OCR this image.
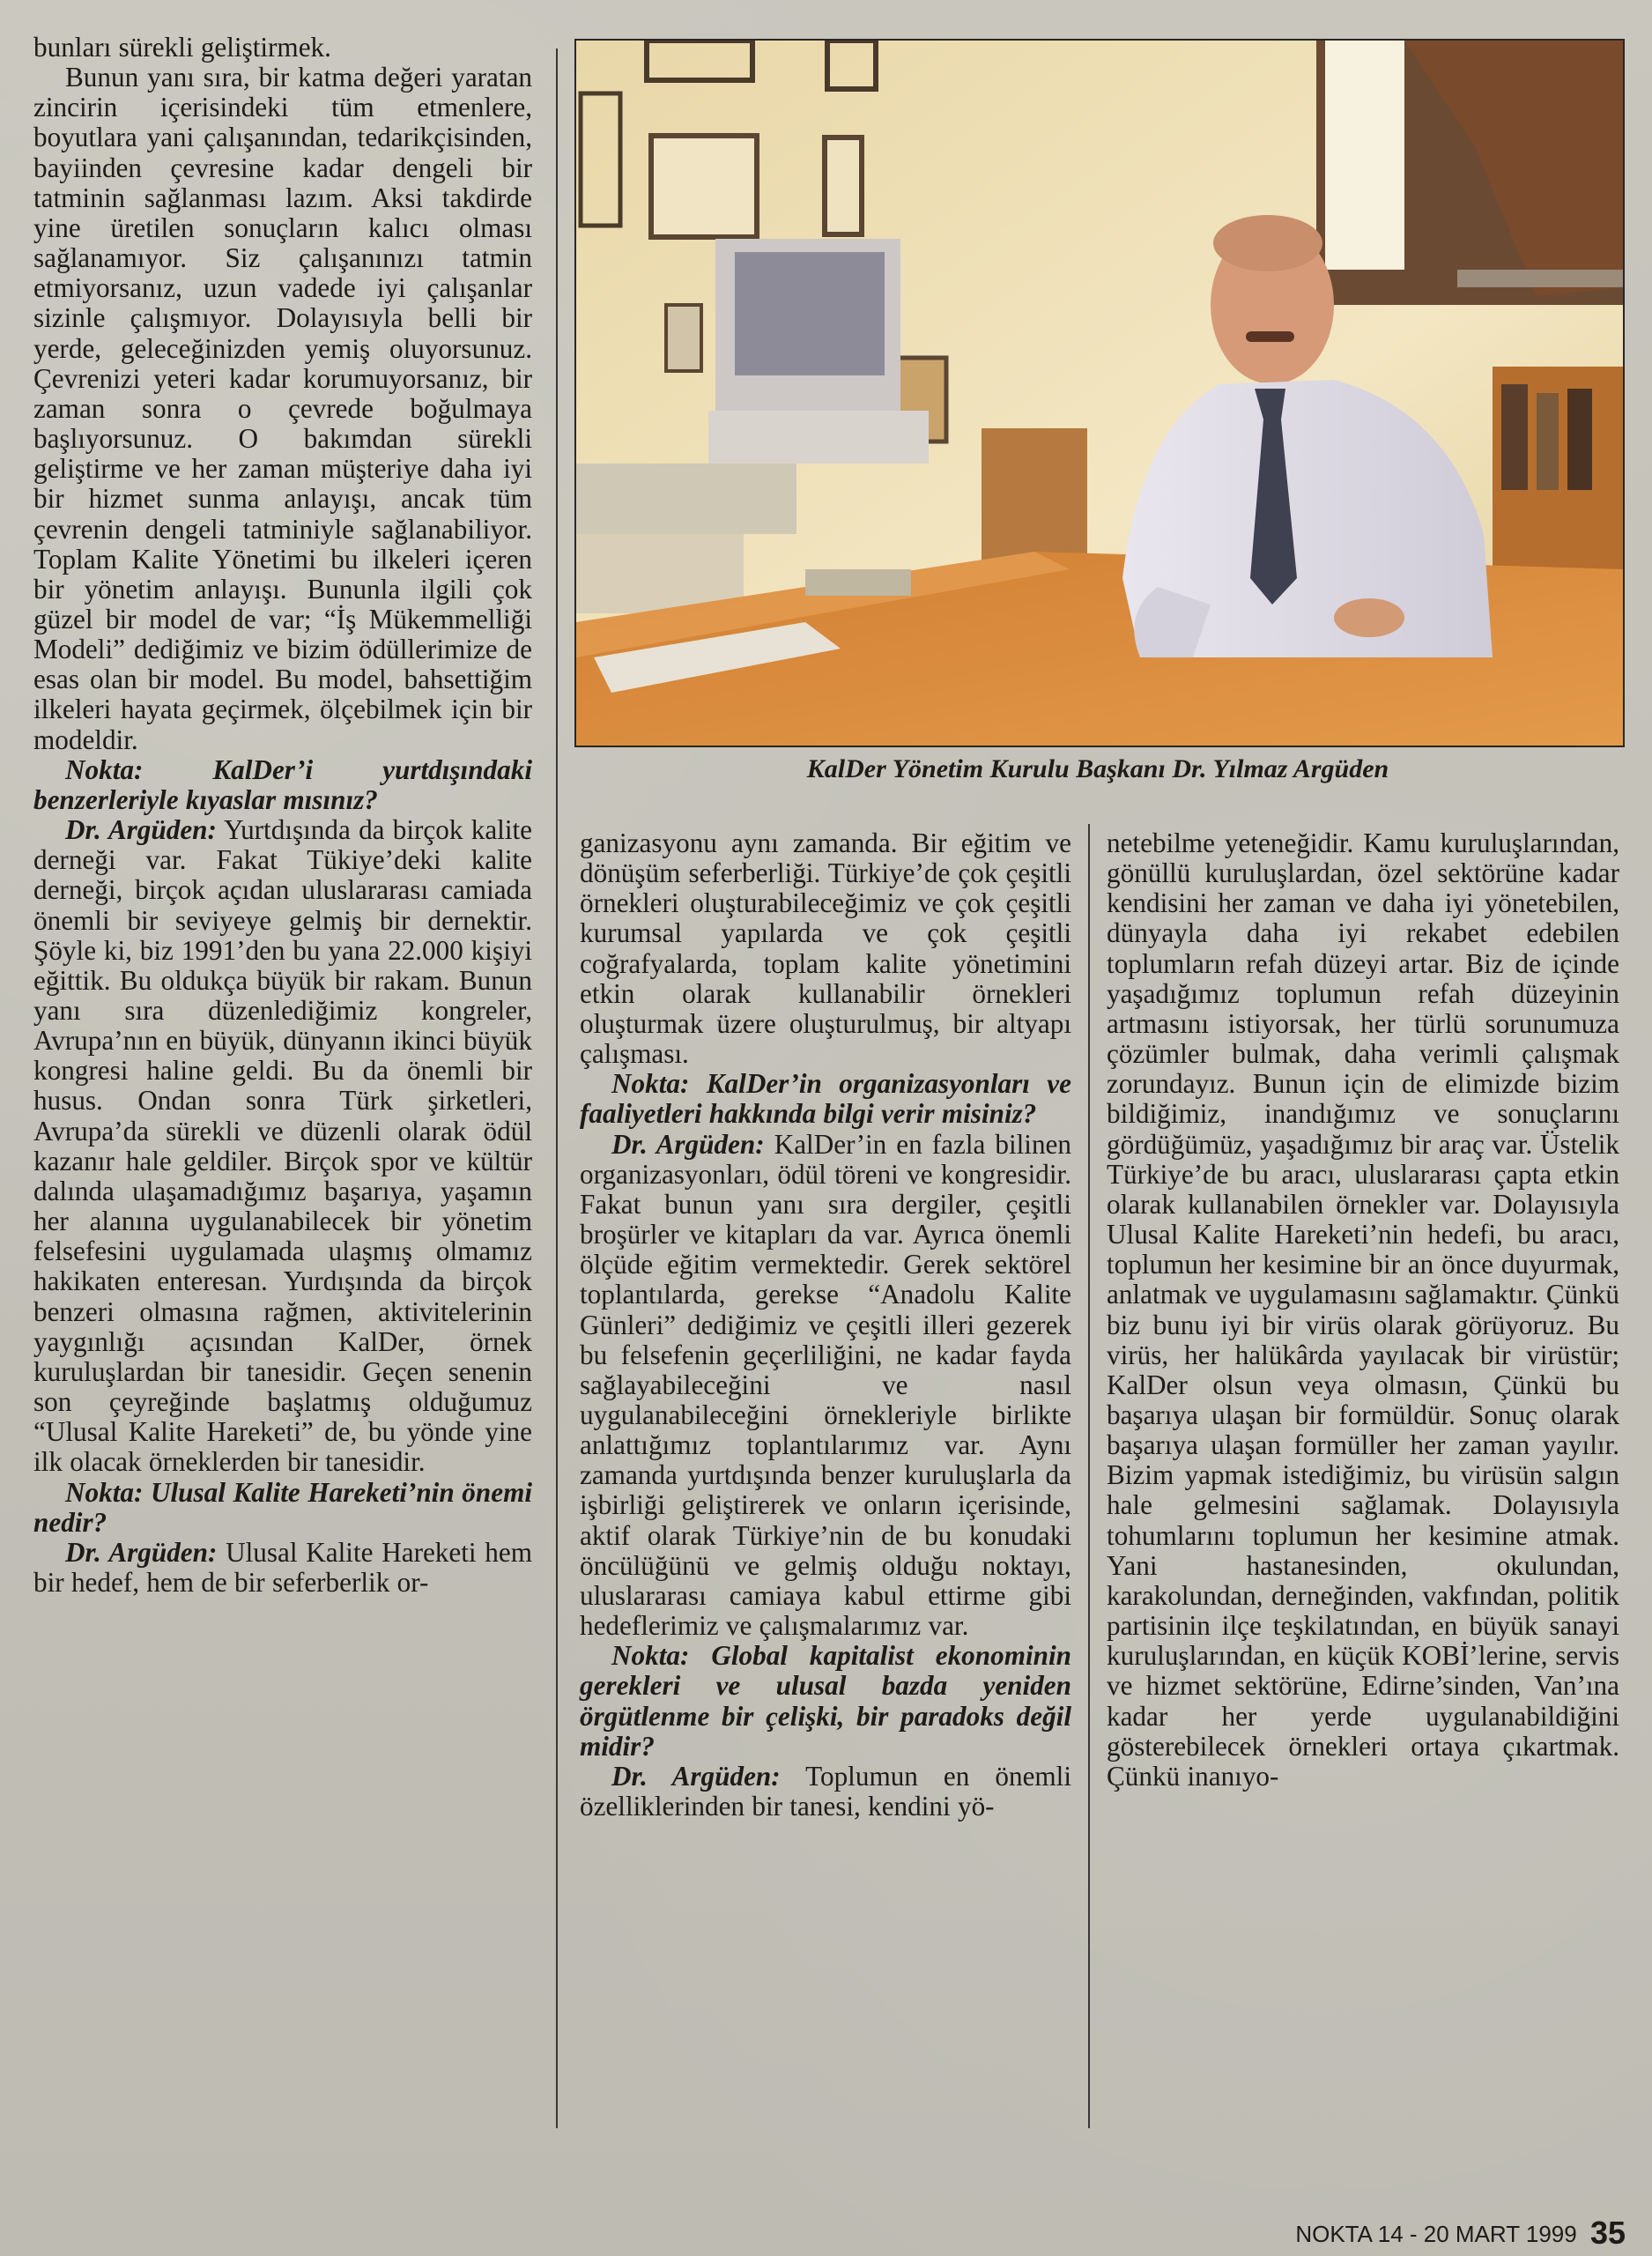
bunları sürekli geliştirmek.

Bunun yanı sıra, bir katma değeri yaratan zincirin içerisindeki tüm etmenlere, boyutlara yani çalışanından, tedarikçisinden, bayiinden çevresine kadar dengeli bir tatminin sağlanması lazım. Aksi takdirde yine üretilen sonuçların kalıcı olması sağlanamıyor. Siz çalışanınızı tatmin etmiyorsanız, uzun vadede iyi çalışanlar sizinle çalışmıyor. Dolayısıyla belli bir yerde, geleceğinizden yemiş oluyorsunuz. Çevrenizi yeteri kadar korumuyorsanız, bir zaman sonra o çevrede boğulmaya başlıyorsunuz. O bakımdan sürekli geliştirme ve her zaman müşteriye daha iyi bir hizmet sunma anlayışı, ancak tüm çevrenin dengeli tatminiyle sağlanabiliyor. Toplam Kalite Yönetimi bu ilkeleri içeren bir yönetim anlayışı. Bununla ilgili çok güzel bir model de var; “İş Mükemmelliği Modeli” dediğimiz ve bizim ödüllerimize de esas olan bir model. Bu model, bahsettiğim ilkeleri hayata geçirmek, ölçebilmek için bir modeldir.

Nokta: KalDer’i yurtdışındaki benzerleriyle kıyaslar mısınız?

Dr. Argüden: Yurtdışında da birçok kalite derneği var. Fakat Tükiye’deki kalite derneği, birçok açıdan uluslararası camiada önemli bir seviyeye gelmiş bir dernektir. Şöyle ki, biz 1991’den bu yana 22.000 kişiyi eğittik. Bu oldukça büyük bir rakam. Bunun yanı sıra düzenlediğimiz kongreler, Avrupa’nın en büyük, dünyanın ikinci büyük kongresi haline geldi. Bu da önemli bir husus. Ondan sonra Türk şirketleri, Avrupa’da sürekli ve düzenli olarak ödül kazanır hale geldiler. Birçok spor ve kültür dalında ulaşamadığımız başarıya, yaşamın her alanına uygulanabilecek bir yönetim felsefesini uygulamada ulaşmış olmamız hakikaten enteresan. Yurdışında da birçok benzeri olmasına rağmen, aktivitelerinin yaygınlığı açısından KalDer, örnek kuruluşlardan bir tanesidir. Geçen senenin son çeyreğinde başlatmış olduğumuz “Ulusal Kalite Hareketi” de, bu yönde yine ilk olacak örneklerden bir tanesidir.

Nokta: Ulusal Kalite Hareketi’nin önemi nedir?

Dr. Argüden: Ulusal Kalite Hareketi hem bir hedef, hem de bir seferberlik or-

KalDer Yönetim Kurulu Başkanı Dr. Yılmaz Argüden

ganizasyonu aynı zamanda. Bir eğitim ve dönüşüm seferberliği. Türkiye’de çok çeşitli örnekleri oluşturabileceğimiz ve çok çeşitli kurumsal yapılarda ve çok çeşitli coğrafyalarda, toplam kalite yönetimini etkin olarak kullanabilir örnekleri oluşturmak üzere oluşturulmuş, bir altyapı çalışması.

Nokta: KalDer’in organizasyonları ve faaliyetleri hakkında bilgi verir misiniz?

Dr. Argüden: KalDer’in en fazla bilinen organizasyonları, ödül töreni ve kongresidir. Fakat bunun yanı sıra dergiler, çeşitli broşürler ve kitapları da var. Ayrıca önemli ölçüde eğitim vermektedir. Gerek sektörel toplantılarda, gerekse “Anadolu Kalite Günleri” dediğimiz ve çeşitli illeri gezerek bu felsefenin geçerliliğini, ne kadar fayda sağlayabileceğini ve nasıl uygulanabileceğini örnekleriyle birlikte anlattığımız toplantılarımız var. Aynı zamanda yurtdışında benzer kuruluşlarla da işbirliği geliştirerek ve onların içerisinde, aktif olarak Türkiye’nin de bu konudaki öncülüğünü ve gelmiş olduğu noktayı, uluslararası camiaya kabul ettirme gibi hedeflerimiz ve çalışmalarımız var.

Nokta: Global kapitalist ekonominin gerekleri ve ulusal bazda yeniden örgütlenme bir çelişki, bir paradoks değil midir?

Dr. Argüden: Toplumun en önemli özelliklerinden bir tanesi, kendini yö-

netebilme yeteneğidir. Kamu kuruluşlarından, gönüllü kuruluşlardan, özel sektörüne kadar kendisini her zaman ve daha iyi yönetebilen, dünyayla daha iyi rekabet edebilen toplumların refah düzeyi artar. Biz de içinde yaşadığımız toplumun refah düzeyinin artmasını istiyorsak, her türlü sorunumuza çözümler bulmak, daha verimli çalışmak zorundayız. Bunun için de elimizde bizim bildiğimiz, inandığımız ve sonuçlarını gördüğümüz, yaşadığımız bir araç var. Üstelik Türkiye’de bu aracı, uluslararası çapta etkin olarak kullanabilen örnekler var. Dolayısıyla Ulusal Kalite Hareketi’nin hedefi, bu aracı, toplumun her kesimine bir an önce duyurmak, anlatmak ve uygulamasını sağlamaktır. Çünkü biz bunu iyi bir virüs olarak görüyoruz. Bu virüs, her halükârda yayılacak bir virüstür; KalDer olsun veya olmasın, Çünkü bu başarıya ulaşan bir formüldür. Sonuç olarak başarıya ulaşan formüller her zaman yayılır. Bizim yapmak istediğimiz, bu virüsün salgın hale gelmesini sağlamak. Dolayısıyla tohumlarını toplumun her kesimine atmak. Yani hastanesinden, okulundan, karakolundan, derneğinden, vakfından, politik partisinin ilçe teşkilatından, en büyük sanayi kuruluşlarından, en küçük KOBİ’lerine, servis ve hizmet sektörüne, Edirne’sinden, Van’ına kadar her yerde uygulanabildiğini gösterebilecek örnekleri ortaya çıkartmak. Çünkü inanıyo-

NOKTA 14 - 20 MART 1999 35
